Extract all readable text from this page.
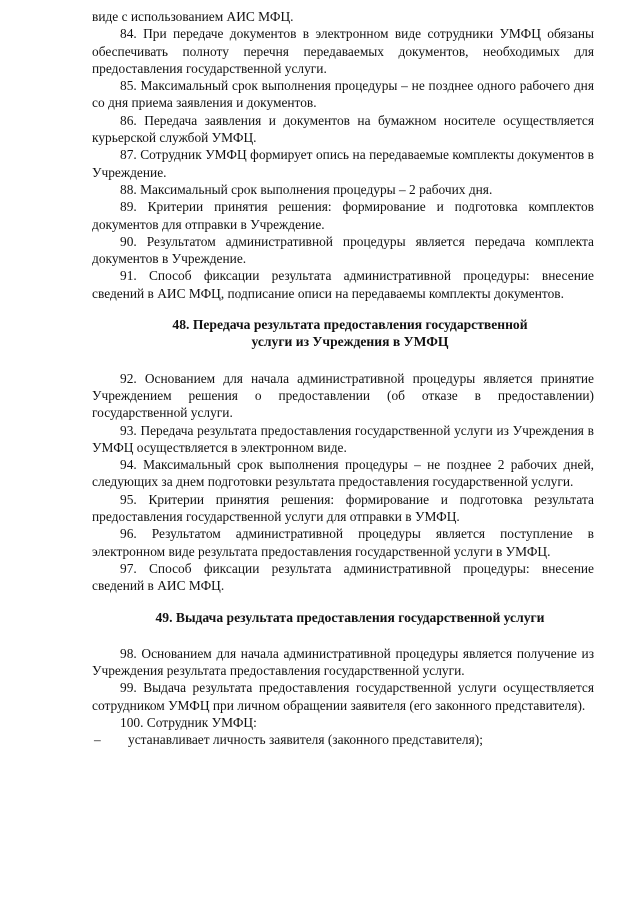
виде с использованием АИС МФЦ.

84. При передаче документов в электронном виде сотрудники УМФЦ обязаны обеспечивать полноту перечня передаваемых документов, необходимых для предоставления государственной услуги.

85. Максимальный срок выполнения процедуры – не позднее одного рабочего дня со дня приема заявления и документов.

86. Передача заявления и документов на бумажном носителе осуществляется курьерской службой УМФЦ.

87. Сотрудник УМФЦ формирует опись на передаваемые комплекты документов в Учреждение.

88. Максимальный срок выполнения процедуры – 2 рабочих дня.

89. Критерии принятия решения: формирование и подготовка комплектов документов для отправки в Учреждение.

90. Результатом административной процедуры является передача комплекта документов в Учреждение.

91. Способ фиксации результата административной процедуры: внесение сведений в АИС МФЦ, подписание описи на передаваемы комплекты документов.

48. Передача результата предоставления государственной
услуги из Учреждения в УМФЦ

92. Основанием для начала административной процедуры является принятие Учреждением решения о предоставлении (об отказе в предоставлении) государственной услуги.

93. Передача результата предоставления государственной услуги из Учреждения в УМФЦ осуществляется в электронном виде.

94. Максимальный срок выполнения процедуры – не позднее 2 рабочих дней, следующих за днем подготовки результата предоставления государственной услуги.

95. Критерии принятия решения: формирование и подготовка результата предоставления государственной услуги для отправки в УМФЦ.

96. Результатом административной процедуры является поступление в электронном виде результата предоставления государственной услуги в УМФЦ.

97. Способ фиксации результата административной процедуры: внесение сведений в АИС МФЦ.

49. Выдача результата предоставления государственной услуги

98. Основанием для начала административной процедуры является получение из Учреждения результата предоставления государственной услуги.

99. Выдача результата предоставления государственной услуги осуществляется сотрудником УМФЦ при личном обращении заявителя (его законного представителя).

100. Сотрудник УМФЦ:

–	устанавливает личность заявителя (законного представителя);
